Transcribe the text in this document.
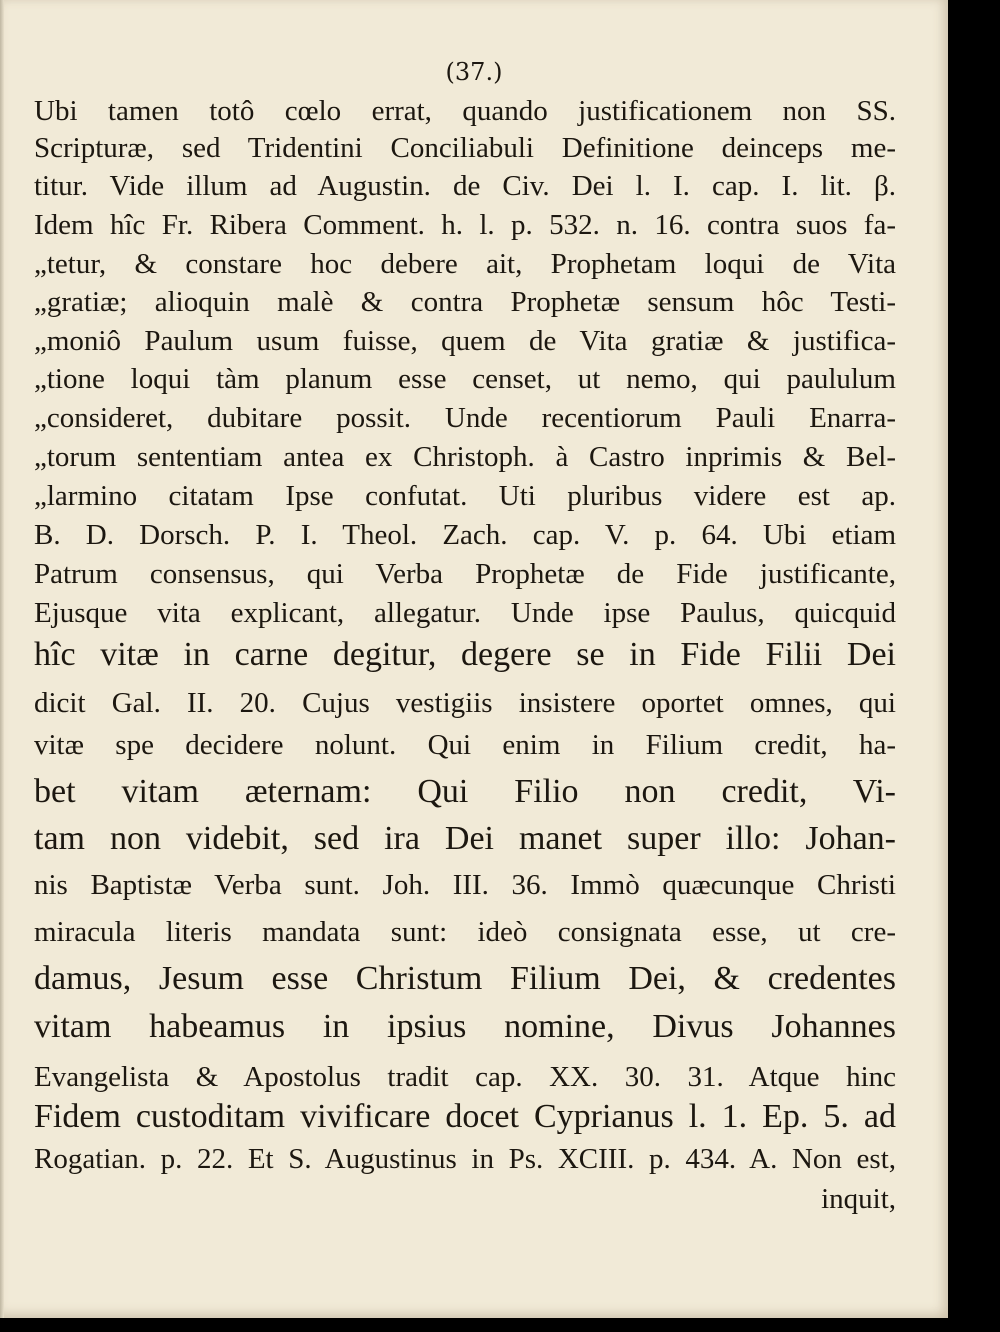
(37.)
Ubi tamen totô cœlo errat, quando justificationem non SS.
Scripturæ, sed Tridentini Conciliabuli Definitione deinceps me-
titur. Vide illum ad Augustin. de Civ. Dei l. I. cap. I. lit. β.
Idem hîc Fr. Ribera Comment. h. l. p. 532. n. 16. contra suos fa-
„tetur, & constare hoc debere ait, Prophetam loqui de Vita
„gratiæ; alioquin malè & contra Prophetæ sensum hôc Testi-
„moniô Paulum usum fuisse, quem de Vita gratiæ & justifica-
„tione loqui tàm planum esse censet, ut nemo, qui paululum
„consideret, dubitare possit. Unde recentiorum Pauli Enarra-
„torum sententiam antea ex Christoph. à Castro inprimis & Bel-
„larmino citatam Ipse confutat. Uti pluribus videre est ap.
B. D. Dorsch. P. I. Theol. Zach. cap. V. p. 64. Ubi etiam
Patrum consensus, qui Verba Prophetæ de Fide justificante,
Ejusque vita explicant, allegatur. Unde ipse Paulus, quicquid
hîc vitæ in carne degitur, degere se in Fide Filii Dei
dicit Gal. II. 20. Cujus vestigiis insistere oportet omnes, qui
vitæ spe decidere nolunt. Qui enim in Filium credit, ha-
bet vitam æternam: Qui Filio non credit, Vi-
tam non videbit, sed ira Dei manet super illo: Johan-
nis Baptistæ Verba sunt. Joh. III. 36. Immò quæcunque Christi
miracula literis mandata sunt: ideò consignata esse, ut cre-
damus, Jesum esse Christum Filium Dei, & credentes
vitam habeamus in ipsius nomine, Divus Johannes
Evangelista & Apostolus tradit cap. XX. 30. 31. Atque hinc
Fidem custoditam vivificare docet Cyprianus l. 1. Ep. 5. ad
Rogatian. p. 22. Et S. Augustinus in Ps. XCIII. p. 434. A. Non est,
inquit,
